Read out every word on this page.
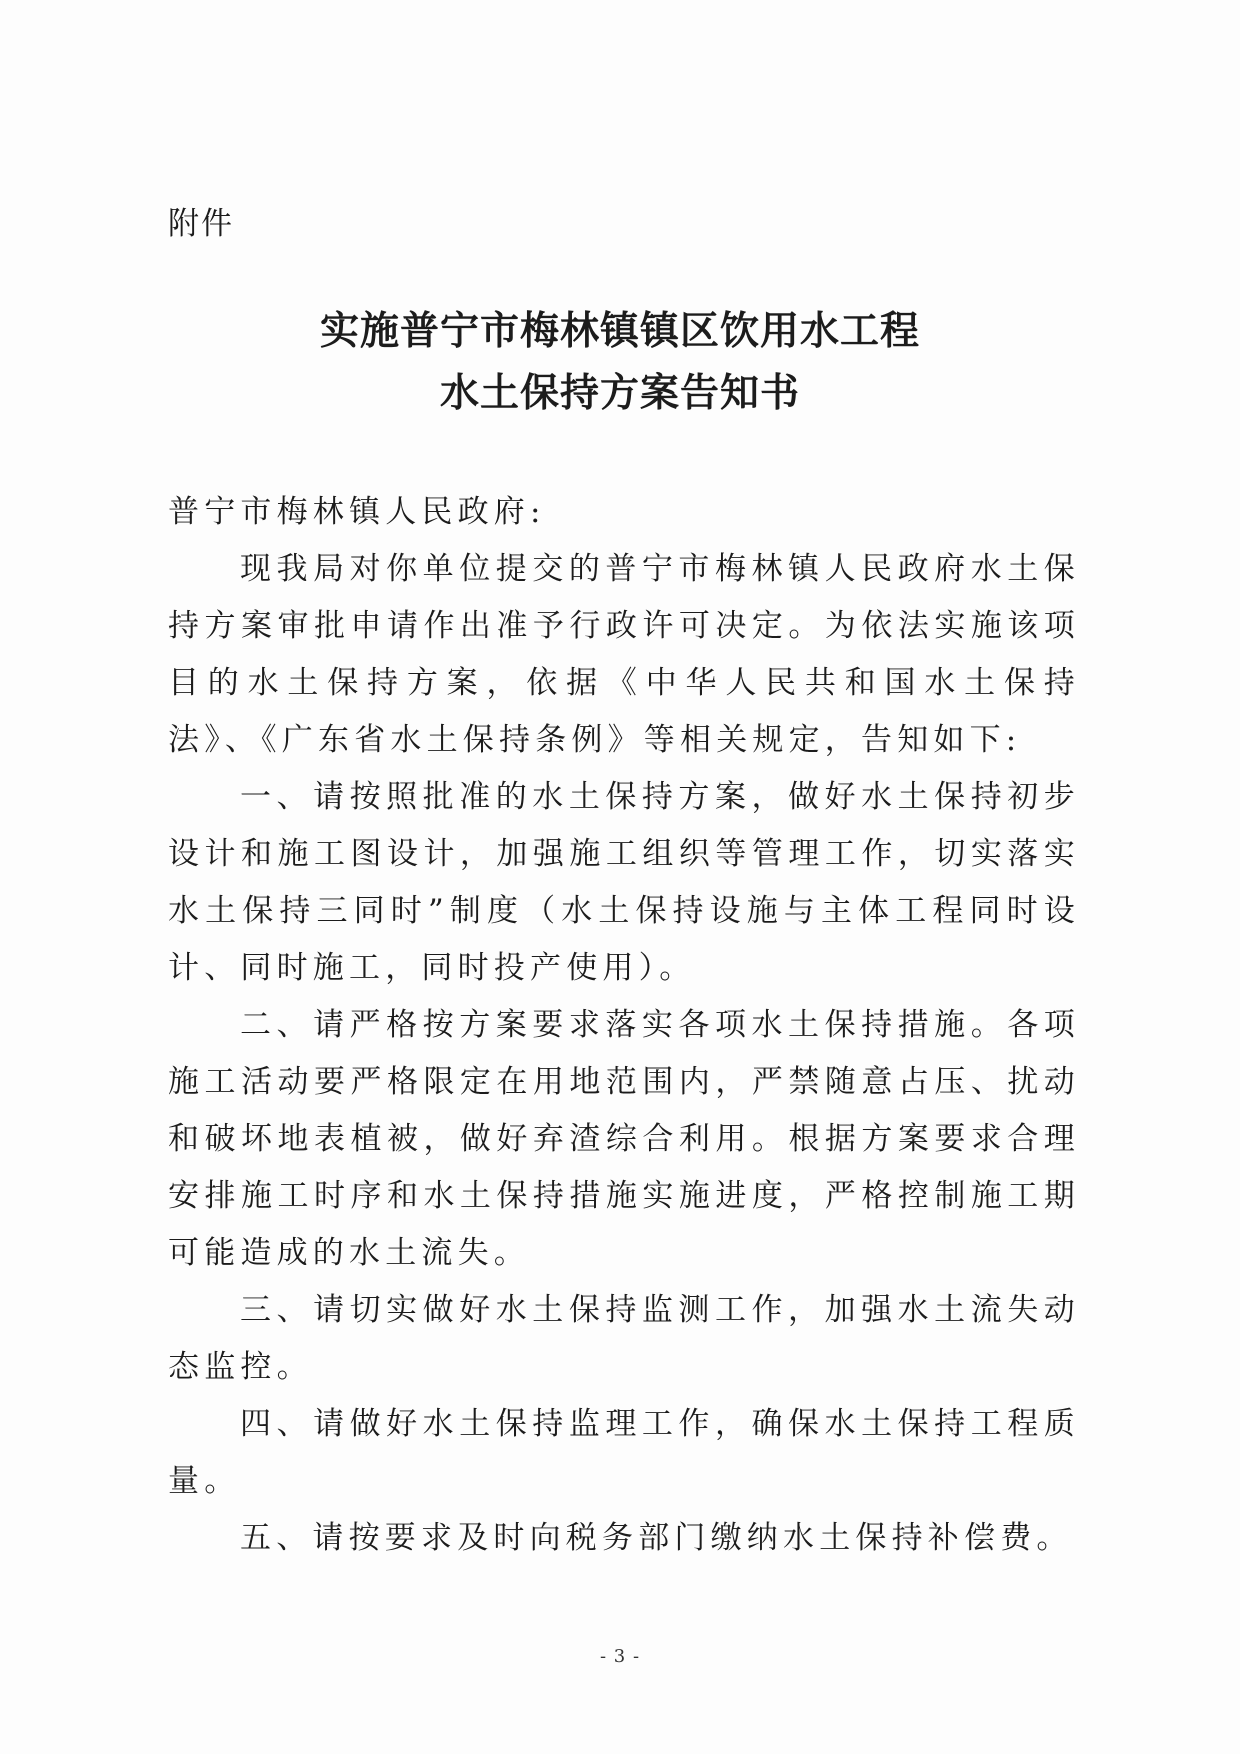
附件
实施普宁市梅林镇镇区饮用水工程
水土保持方案告知书

普宁市梅林镇人民政府:

现我局对你单位提交的普宁市梅林镇人民政府水土保持方案审批申请作出准予行政许可决定。为依法实施该项目的水土保持方案，依据《中华人民共和国水土保持法》、《广东省水土保持条例》等相关规定，告知如下:

一、请按照批准的水土保持方案，做好水土保持初步设计和施工图设计，加强施工组织等管理工作，切实落实水土保持三同时”制度（水土保持设施与主体工程同时设计、同时施工，同时投产使用）。

二、请严格按方案要求落实各项水土保持措施。各项施工活动要严格限定在用地范围内，严禁随意占压、扰动和破坏地表植被，做好弃渣综合利用。根据方案要求合理安排施工时序和水土保持措施实施进度，严格控制施工期可能造成的水土流失。

三、请切实做好水土保持监测工作，加强水土流失动态监控。

四、请做好水土保持监理工作，确保水土保持工程质量。

五、请按要求及时向税务部门缴纳水土保持补偿费。

- 3 -
